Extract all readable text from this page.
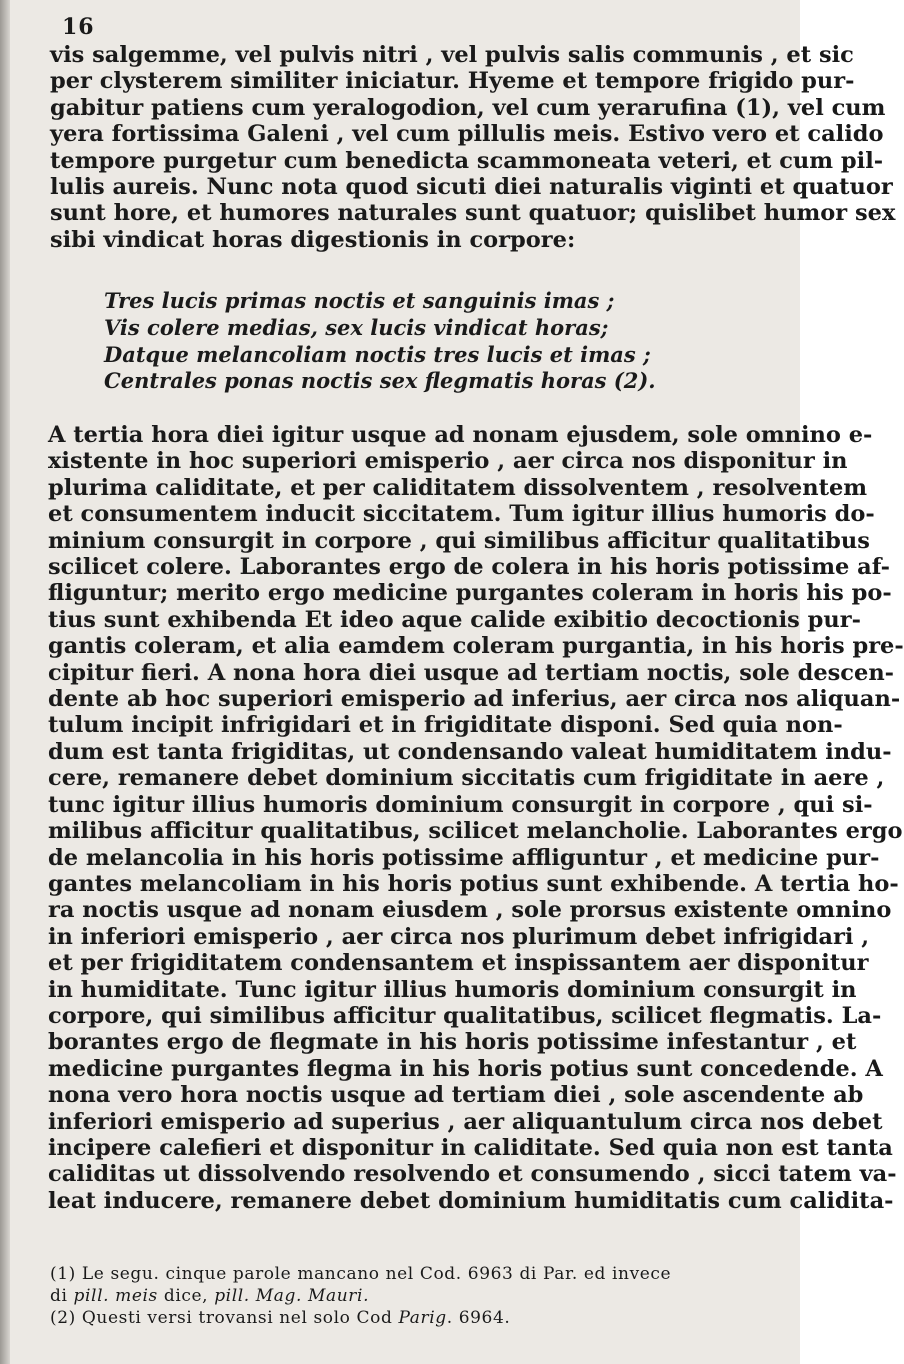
16
vis salgemme, vel pulvis nitri , vel pulvis salis communis , et sic
per clysterem similiter iniciatur. Hyeme et tempore frigido pur-
gabitur patiens cum yeralogodion, vel cum yerarufina (1), vel cum
yera fortissima Galeni , vel cum pillulis meis. Estivo vero et calido
tempore purgetur cum benedicta scammoneata veteri, et cum pil-
lulis aureis. Nunc nota quod sicuti diei naturalis viginti et quatuor
sunt hore, et humores naturales sunt quatuor; quislibet humor sex
sibi vindicat horas digestionis in corpore:
Tres lucis primas noctis et sanguinis imas ;
Vis colere medias, sex lucis vindicat horas;
Datque melancoliam noctis tres lucis et imas ;
Centrales ponas noctis sex flegmatis horas (2).
A tertia hora diei igitur usque ad nonam ejusdem, sole omnino e-
xistente in hoc superiori emisperio , aer circa nos disponitur in
plurima caliditate, et per caliditatem dissolventem , resolventem
et consumentem inducit siccitatem. Tum igitur illius humoris do-
minium consurgit in corpore , qui similibus afficitur qualitatibus
scilicet colere. Laborantes ergo de colera in his horis potissime af-
fliguntur; merito ergo medicine purgantes coleram in horis his po-
tius sunt exhibenda Et ideo aque calide exibitio decoctionis pur-
gantis coleram, et alia eamdem coleram purgantia, in his horis pre-
cipitur fieri. A nona hora diei usque ad tertiam noctis, sole descen-
dente ab hoc superiori emisperio ad inferius, aer circa nos aliquan-
tulum incipit infrigidari et in frigiditate disponi. Sed quia non-
dum est tanta frigiditas, ut condensando valeat humiditatem indu-
cere, remanere debet dominium siccitatis cum frigiditate in aere ,
tunc igitur illius humoris dominium consurgit in corpore , qui si-
milibus afficitur qualitatibus, scilicet melancholie. Laborantes ergo
de melancolia in his horis potissime affliguntur , et medicine pur-
gantes melancoliam in his horis potius sunt exhibende. A tertia ho-
ra noctis usque ad nonam eiusdem , sole prorsus existente omnino
in inferiori emisperio , aer circa nos plurimum debet infrigidari ,
et per frigiditatem condensantem et inspissantem aer disponitur
in humiditate. Tunc igitur illius humoris dominium consurgit in
corpore, qui similibus afficitur qualitatibus, scilicet flegmatis. La-
borantes ergo de flegmate in his horis potissime infestantur , et
medicine purgantes flegma in his horis potius sunt concedende. A
nona vero hora noctis usque ad tertiam diei , sole ascendente ab
inferiori emisperio ad superius , aer aliquantulum circa nos debet
incipere calefieri et disponitur in caliditate. Sed quia non est tanta
caliditas ut dissolvendo resolvendo et consumendo , sicci tatem va-
leat inducere, remanere debet dominium humiditatis cum calidita-
(1) Le segu. cinque parole mancano nel Cod. 6963 di Par. ed invece
di pill. meis dice, pill. Mag. Mauri.
(2) Questi versi trovansi nel solo Cod Parig. 6964.
